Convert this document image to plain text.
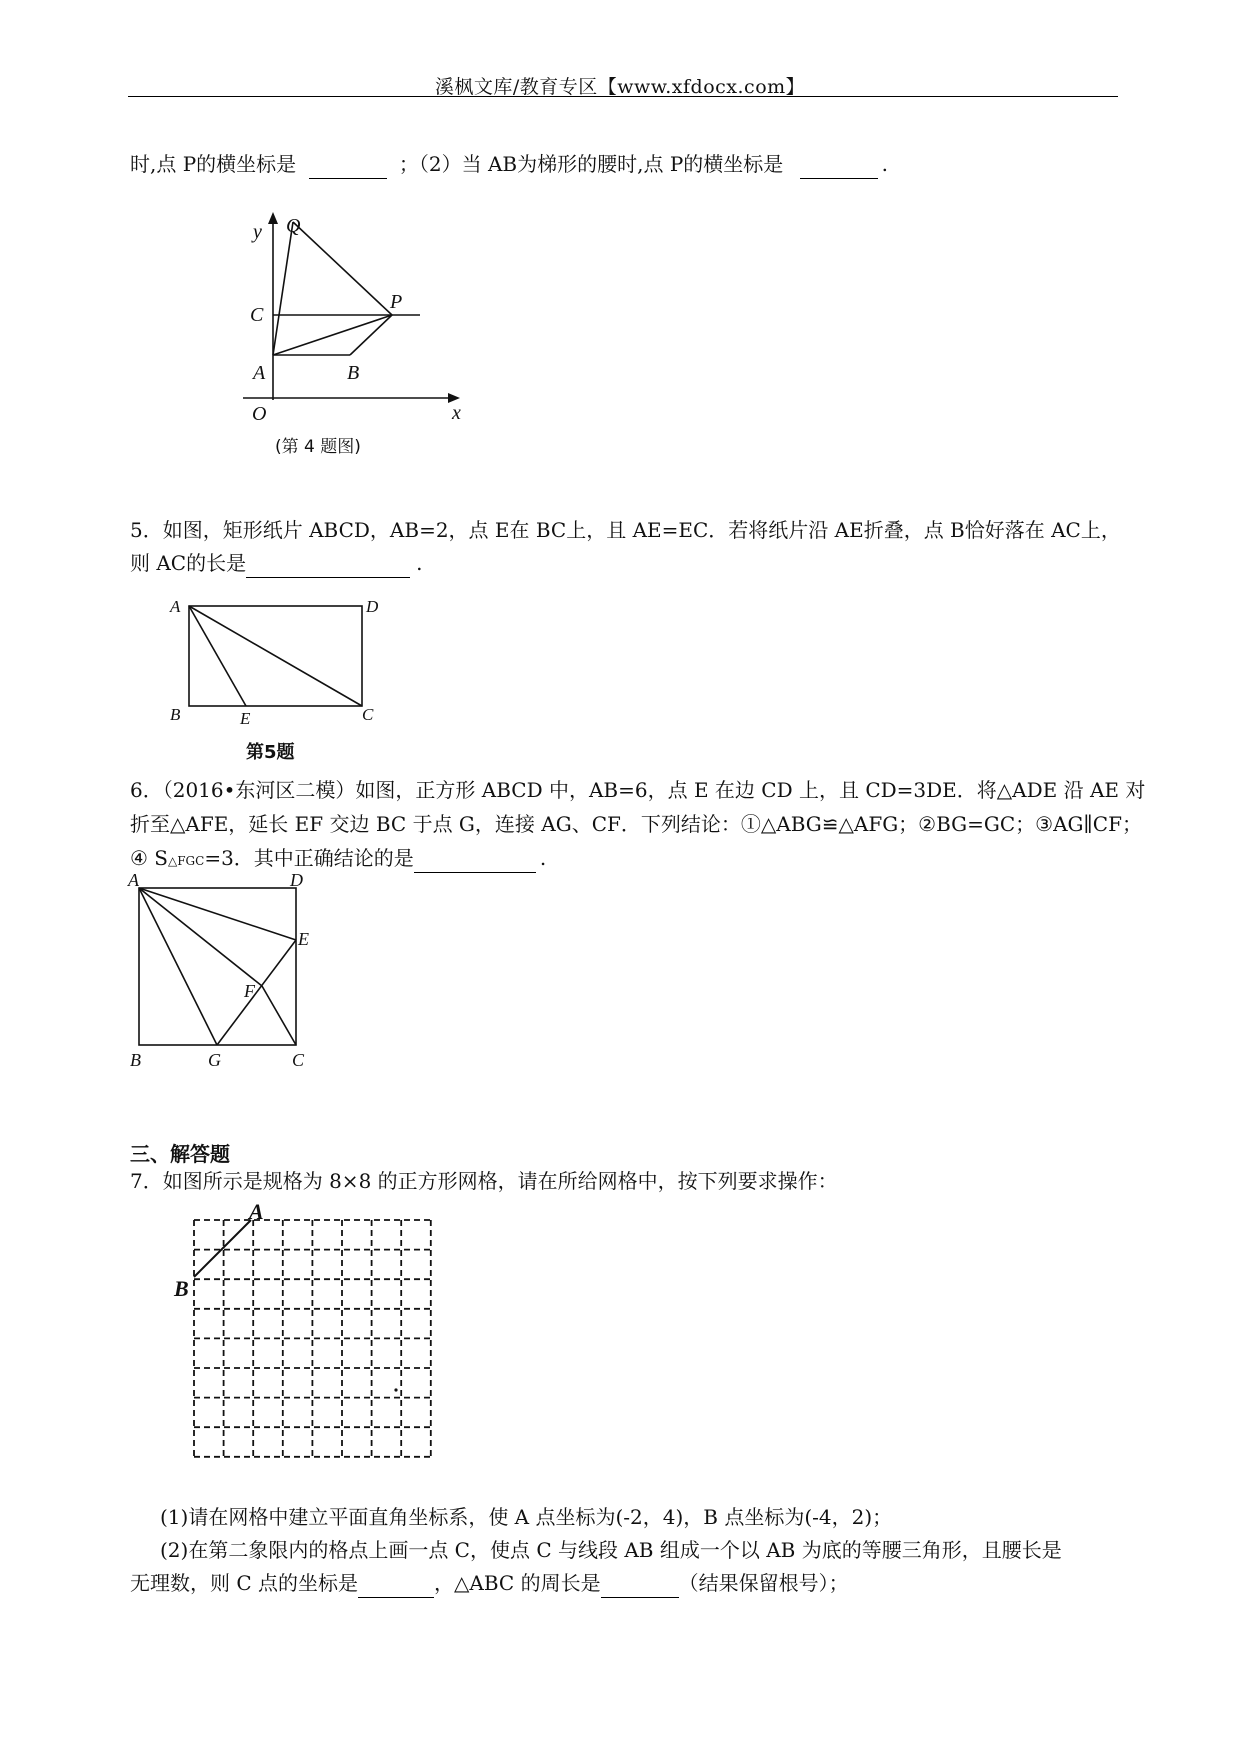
溪枫文库/教育专区【www.xfdocx.com】
时,点 P的横坐标是	；（2）当 AB为梯形的腰时,点 P的横坐标是	.
y Q
C
P
A	B
O	x
(第 4 题图)
5．如图，矩形纸片 ABCD，AB=2，点 E在 BC上，且 AE=EC．若将纸片沿 AE折叠，点 B恰好落在 AC上，
则 AC的长是	.
A	D
B	E	C
第5题
6．（2016•东河区二模）如图，正方形 ABCD 中，AB=6，点 E 在边 CD 上，且 CD=3DE．将△ADE 沿 AE 对
折至△AFE，延长 EF 交边 BC 于点 G，连接 AG、CF．下列结论：①△ABG≌△AFG；②BG=GC；③AG∥CF；
④ S△FGC=3．其中正确结论的是	.
A	D
E
F
B	G	C
三、解答题
7．如图所示是规格为 8×8 的正方形网格，请在所给网格中，按下列要求操作：
A
B
(1)请在网格中建立平面直角坐标系，使 A 点坐标为(-2，4)，B 点坐标为(-4，2)；
(2)在第二象限内的格点上画一点 C，使点 C 与线段 AB 组成一个以 AB 为底的等腰三角形，且腰长是
无理数，则 C 点的坐标是	，△ABC 的周长是	（结果保留根号）；
